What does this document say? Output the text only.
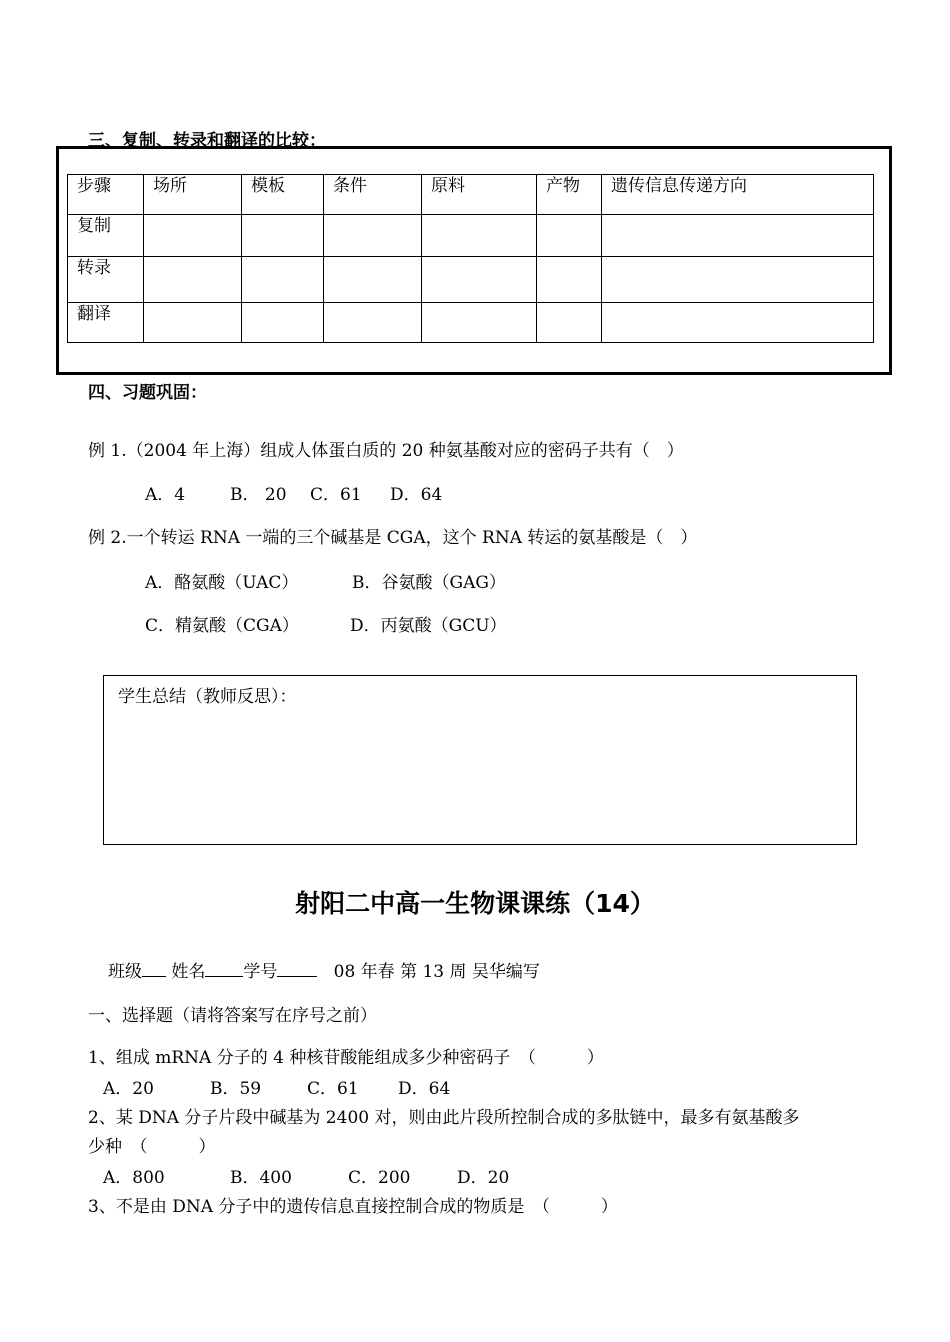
三、复制、转录和翻译的比较：
步骤	场所	模板	条件	原料	产物	遗传信息传递方向
复制						
转录						
翻译						
四、习题巩固：
例 1.（2004 年上海）组成人体蛋白质的 20 种氨基酸对应的密码子共有（　）
A．4	B． 20 C．61 D．64
例 2.一个转运 RNA 一端的三个碱基是 CGA，这个 RNA 转运的氨基酸是（　）
A．酪氨酸（UAC）	B．谷氨酸（GAG）
C．精氨酸（CGA）	D．丙氨酸（GCU）
学生总结（教师反思）：
射阳二中高一生物课课练（14）
班级 姓名 学号	08 年春 第 13 周 吴华编写
一、选择题（请将答案写在序号之前）
1、组成 mRNA 分子的 4 种核苷酸能组成多少种密码子　（　　　）
A．20	B．59	C．61 D．64
2、某 DNA 分子片段中碱基为 2400 对，则由此片段所控制合成的多肽链中，最多有氨基酸多
少种　（　　　）
A．800	B．400	C．200	D．20
3、不是由 DNA 分子中的遗传信息直接控制合成的物质是　（　　　）
